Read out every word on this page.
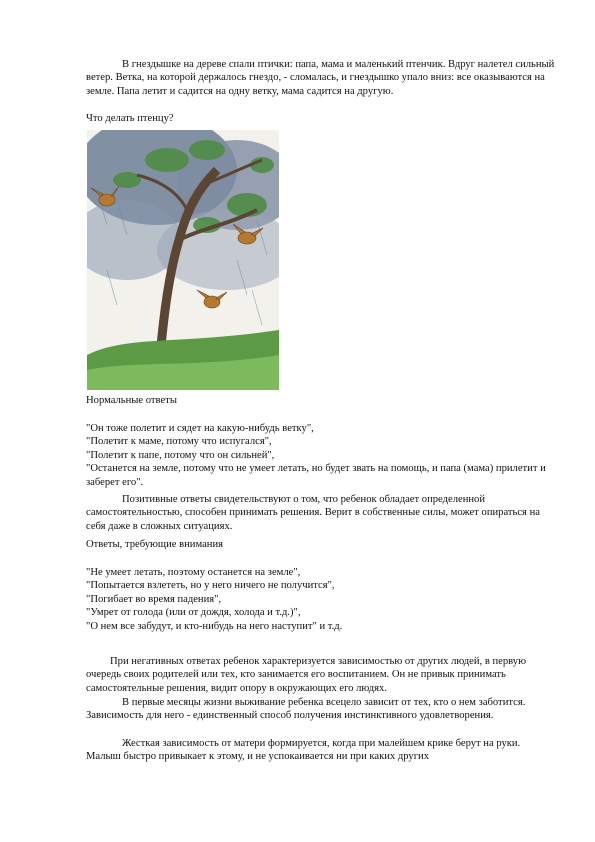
В гнездышке на дереве спали птички: папа, мама и маленький птенчик. Вдруг налетел сильный ветер. Ветка, на которой держалось гнездо, - сломалась, и гнездышко упало вниз: все оказываются на земле. Папа летит и садится на одну ветку, мама садится на другую.

Что делать птенцу?

Нормальные ответы

"Он тоже полетит и сядет на какую-нибудь ветку",
"Полетит к маме, потому что испугался",
"Полетит к папе, потому что он сильней",

"Останется на земле, потому что не умеет летать, но будет звать на помощь, и папа (мама) прилетит и заберет его".

Позитивные ответы свидетельствуют о том, что ребенок обладает определенной самостоятельностью, способен принимать решения. Верит в собственные силы, может опираться на себя даже в сложных ситуациях.

Ответы, требующие внимания

"Не умеет летать, поэтому останется на земле",
"Попытается взлететь, но у него ничего не получится",
"Погибает во время падения",
"Умрет от голода (или от дождя, холода и т.д.)",
"О нем все забудут, и кто-нибудь на него наступит" и т.д.

При негативных ответах ребенок характеризуется зависимостью от других людей, в первую очередь своих родителей или тех, кто занимается его воспитанием. Он не привык принимать самостоятельные решения, видит опору в окружающих его людях.

В первые месяцы жизни выживание ребенка всецело зависит от тех, кто о нем заботится. Зависимость для него - единственный способ получения инстинктивного удовлетворения.

Жесткая зависимость от матери формируется, когда при малейшем крике берут на руки. Малыш быстро привыкает к этому, и не успокаивается ни при каких других
